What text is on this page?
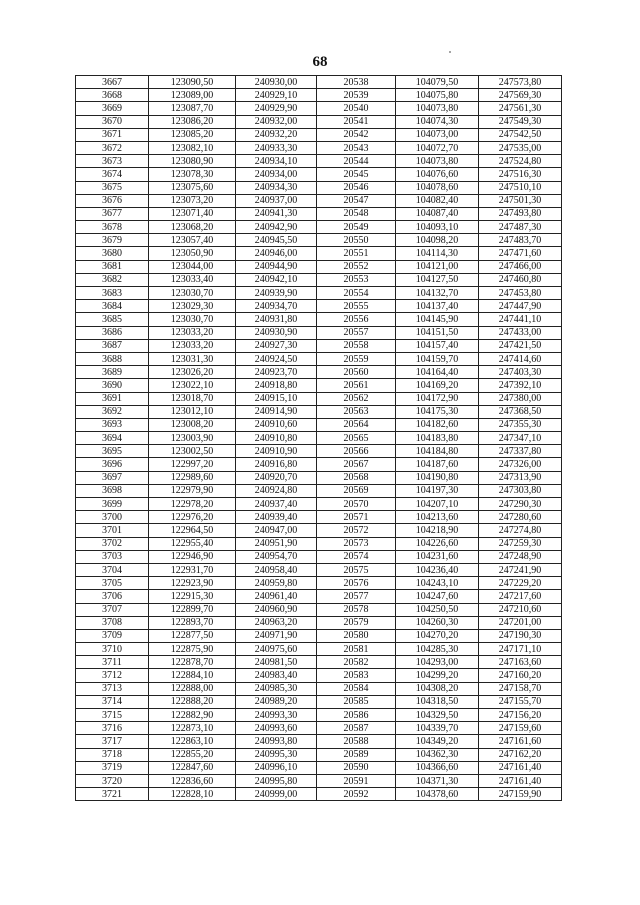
68
3667	123090,50	240930,00	20538	104079,50	247573,80
3668	123089,00	240929,10	20539	104075,80	247569,30
3669	123087,70	240929,90	20540	104073,80	247561,30
3670	123086,20	240932,00	20541	104074,30	247549,30
3671	123085,20	240932,20	20542	104073,00	247542,50
3672	123082,10	240933,30	20543	104072,70	247535,00
3673	123080,90	240934,10	20544	104073,80	247524,80
3674	123078,30	240934,00	20545	104076,60	247516,30
3675	123075,60	240934,30	20546	104078,60	247510,10
3676	123073,20	240937,00	20547	104082,40	247501,30
3677	123071,40	240941,30	20548	104087,40	247493,80
3678	123068,20	240942,90	20549	104093,10	247487,30
3679	123057,40	240945,50	20550	104098,20	247483,70
3680	123050,90	240946,00	20551	104114,30	247471,60
3681	123044,00	240944,90	20552	104121,00	247466,00
3682	123033,40	240942,10	20553	104127,50	247460,80
3683	123030,70	240939,90	20554	104132,70	247453,80
3684	123029,30	240934,70	20555	104137,40	247447,90
3685	123030,70	240931,80	20556	104145,90	247441,10
3686	123033,20	240930,90	20557	104151,50	247433,00
3687	123033,20	240927,30	20558	104157,40	247421,50
3688	123031,30	240924,50	20559	104159,70	247414,60
3689	123026,20	240923,70	20560	104164,40	247403,30
3690	123022,10	240918,80	20561	104169,20	247392,10
3691	123018,70	240915,10	20562	104172,90	247380,00
3692	123012,10	240914,90	20563	104175,30	247368,50
3693	123008,20	240910,60	20564	104182,60	247355,30
3694	123003,90	240910,80	20565	104183,80	247347,10
3695	123002,50	240910,90	20566	104184,80	247337,80
3696	122997,20	240916,80	20567	104187,60	247326,00
3697	122989,60	240920,70	20568	104190,80	247313,90
3698	122979,90	240924,80	20569	104197,30	247303,80
3699	122978,20	240937,40	20570	104207,10	247290,30
3700	122976,20	240939,40	20571	104213,60	247280,60
3701	122964,50	240947,00	20572	104218,90	247274,80
3702	122955,40	240951,90	20573	104226,60	247259,30
3703	122946,90	240954,70	20574	104231,60	247248,90
3704	122931,70	240958,40	20575	104236,40	247241,90
3705	122923,90	240959,80	20576	104243,10	247229,20
3706	122915,30	240961,40	20577	104247,60	247217,60
3707	122899,70	240960,90	20578	104250,50	247210,60
3708	122893,70	240963,20	20579	104260,30	247201,00
3709	122877,50	240971,90	20580	104270,20	247190,30
3710	122875,90	240975,60	20581	104285,30	247171,10
3711	122878,70	240981,50	20582	104293,00	247163,60
3712	122884,10	240983,40	20583	104299,20	247160,20
3713	122888,00	240985,30	20584	104308,20	247158,70
3714	122888,20	240989,20	20585	104318,50	247155,70
3715	122882,90	240993,30	20586	104329,50	247156,20
3716	122873,10	240993,60	20587	104339,70	247159,60
3717	122863,10	240993,80	20588	104349,20	247161,60
3718	122855,20	240995,30	20589	104362,30	247162,20
3719	122847,60	240996,10	20590	104366,60	247161,40
3720	122836,60	240995,80	20591	104371,30	247161,40
3721	122828,10	240999,00	20592	104378,60	247159,90
